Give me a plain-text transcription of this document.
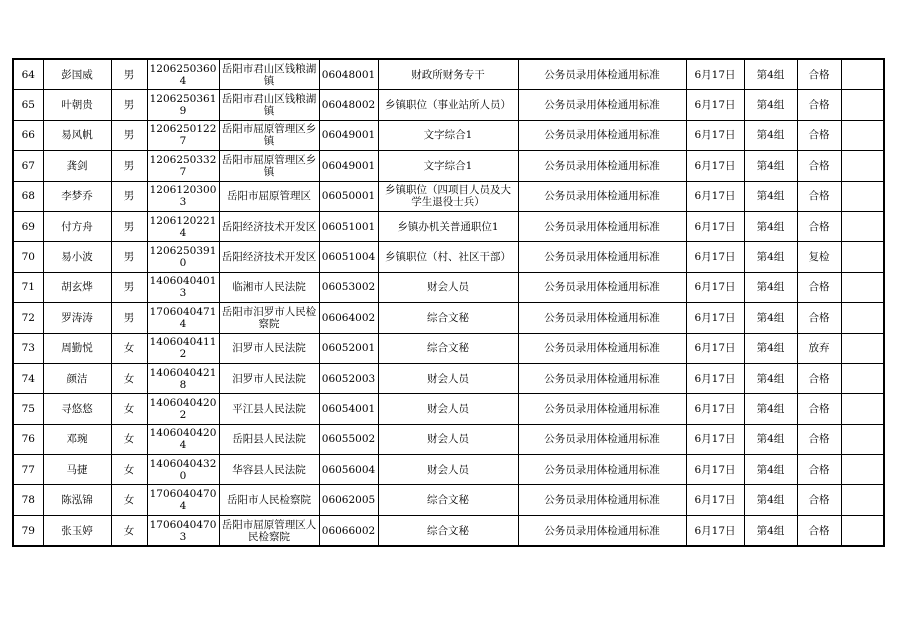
64	彭国威	男	12062503604	岳阳市君山区钱粮湖镇	06048001	财政所财务专干	公务员录用体检通用标准	6月17日	第4组	合格	
65	叶朝贵	男	12062503619	岳阳市君山区钱粮湖镇	06048002	乡镇职位（事业站所人员）	公务员录用体检通用标准	6月17日	第4组	合格	
66	易风帆	男	12062501227	岳阳市屈原管理区乡镇	06049001	文字综合1	公务员录用体检通用标准	6月17日	第4组	合格	
67	龚剑	男	12062503327	岳阳市屈原管理区乡镇	06049001	文字综合1	公务员录用体检通用标准	6月17日	第4组	合格	
68	李梦乔	男	12061203003	岳阳市屈原管理区	06050001	乡镇职位（四项目人员及大学生退役士兵）	公务员录用体检通用标准	6月17日	第4组	合格	
69	付方舟	男	12061202214	岳阳经济技术开发区	06051001	乡镇办机关普通职位1	公务员录用体检通用标准	6月17日	第4组	合格	
70	易小波	男	12062503910	岳阳经济技术开发区	06051004	乡镇职位（村、社区干部）	公务员录用体检通用标准	6月17日	第4组	复检	
71	胡玄烨	男	14060404013	临湘市人民法院	06053002	财会人员	公务员录用体检通用标准	6月17日	第4组	合格	
72	罗涛涛	男	17060404714	岳阳市汨罗市人民检察院	06064002	综合文秘	公务员录用体检通用标准	6月17日	第4组	合格	
73	周勤悦	女	14060404112	汨罗市人民法院	06052001	综合文秘	公务员录用体检通用标准	6月17日	第4组	放弃	
74	颜洁	女	14060404218	汨罗市人民法院	06052003	财会人员	公务员录用体检通用标准	6月17日	第4组	合格	
75	寻悠悠	女	14060404202	平江县人民法院	06054001	财会人员	公务员录用体检通用标准	6月17日	第4组	合格	
76	邓琬	女	14060404204	岳阳县人民法院	06055002	财会人员	公务员录用体检通用标准	6月17日	第4组	合格	
77	马捷	女	14060404320	华容县人民法院	06056004	财会人员	公务员录用体检通用标准	6月17日	第4组	合格	
78	陈泓锦	女	17060404704	岳阳市人民检察院	06062005	综合文秘	公务员录用体检通用标准	6月17日	第4组	合格	
79	张玉婷	女	17060404703	岳阳市屈原管理区人民检察院	06066002	综合文秘	公务员录用体检通用标准	6月17日	第4组	合格	
